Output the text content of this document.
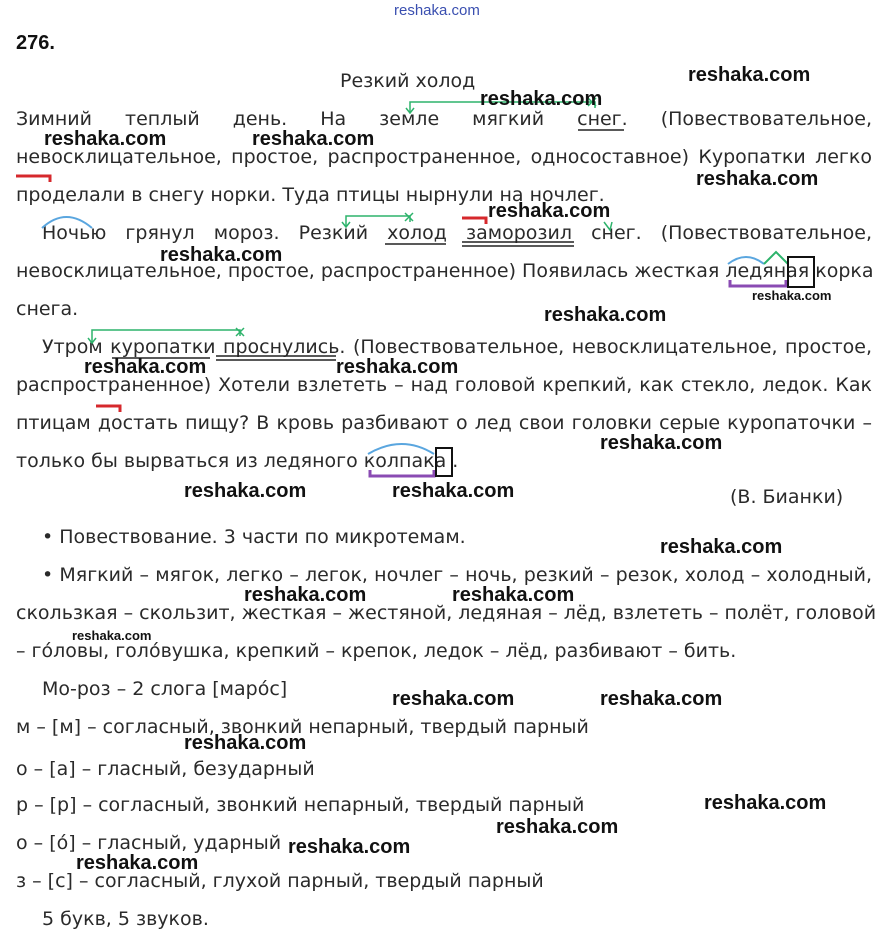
reshaka.com
276.
Резкий холод
Зимний теплый день. На земле мягкий снег. (Повествовательное,
невосклицательное, простое, распространенное, односоставное) Куропатки легко
проделали в снегу норки. Туда птицы нырнули на ночлег.
Ночью грянул мороз. Резкий холод заморозил снег. (Повествовательное,
невосклицательное, простое, распространенное) Появилась жесткая ледяная корка
снега.
Утром куропатки проснулись. (Повествовательное, невосклицательное, простое,
распространенное) Хотели взлететь – над головой крепкий, как стекло, ледок. Как
птицам достать пищу? В кровь разбивают о лед свои головки серые куропаточки –
только бы вырваться из ледяного колпака .
(В. Бианки)
• Повествование. 3 части по микротемам.
• Мягкий – мягок, легко – легок, ночлег – ночь, резкий – резок, холод – холодный,
скользкая – скользит, жесткая – жестяной, ледяная – лёд, взлететь – полёт, головой
– го́ловы, голо́вушка, крепкий – крепок, ледок – лёд, разбивают – бить.
Мо-роз – 2 слога [маро́с]
м – [м] – согласный, звонкий непарный, твердый парный
о – [а] – гласный, безударный
р – [р] – согласный, звонкий непарный, твердый парный
о – [о́] – гласный, ударный
з – [с] – согласный, глухой парный, твердый парный
5 букв, 5 звуков.
reshaka.com
reshaka.com
reshaka.com	reshaka.com
reshaka.com
reshaka.com
reshaka.com
reshaka.com
reshaka.com
reshaka.com	reshaka.com
reshaka.com
reshaka.com	reshaka.com
reshaka.com
reshaka.com	reshaka.com
reshaka.com
reshaka.com	reshaka.com
reshaka.com
reshaka.com
reshaka.com
reshaka.com
reshaka.com
